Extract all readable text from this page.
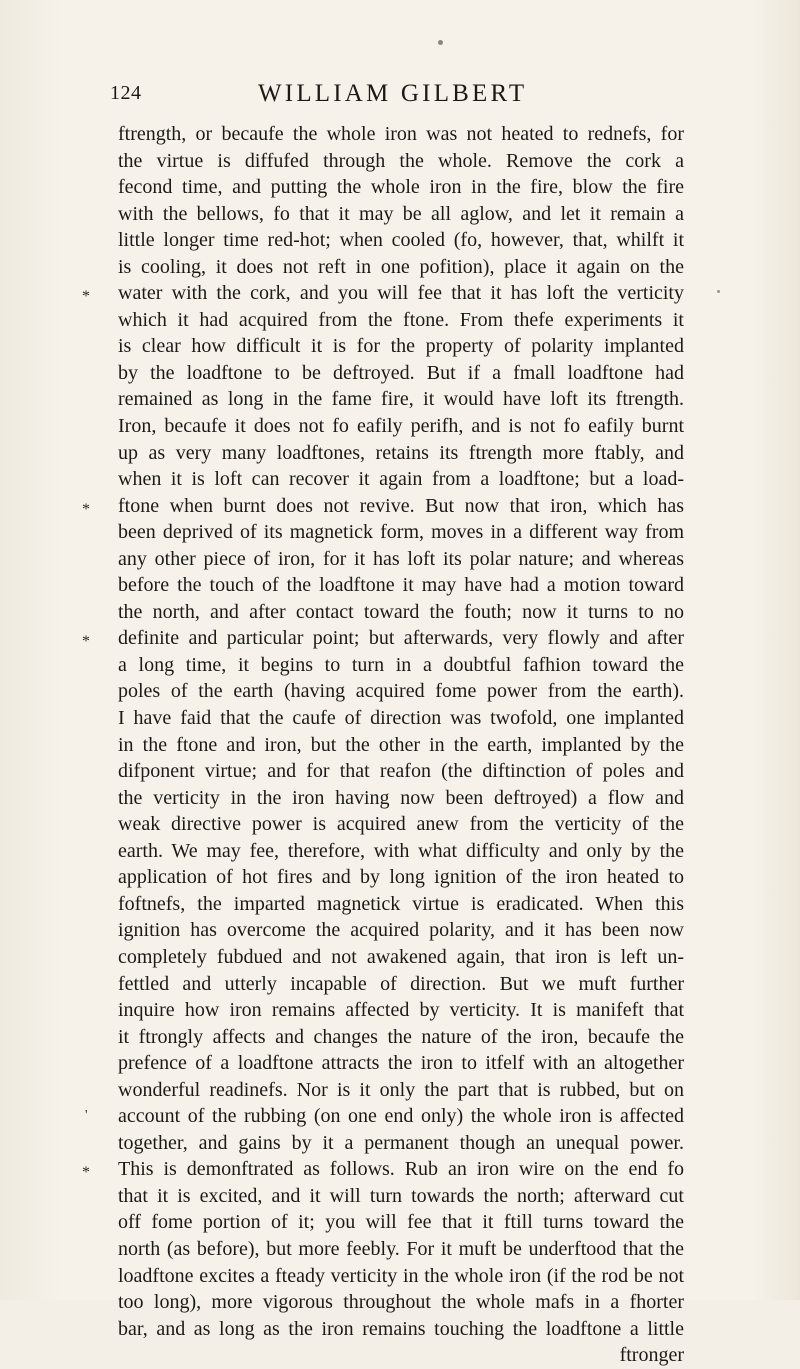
124	WILLIAM GILBERT
ftrength, or becaufe the whole iron was not heated to rednefs, for
the virtue is diffufed through the whole. Remove the cork a
fecond time, and putting the whole iron in the fire, blow the fire
with the bellows, fo that it may be all aglow, and let it remain a
little longer time red-hot; when cooled (fo, however, that, whilft it
is cooling, it does not reft in one pofition), place it again on the
* water with the cork, and you will fee that it has loft the verticity
which it had acquired from the ftone. From thefe experiments it
is clear how difficult it is for the property of polarity implanted
by the loadftone to be deftroyed. But if a fmall loadftone had
remained as long in the fame fire, it would have loft its ftrength.
Iron, becaufe it does not fo eafily perifh, and is not fo eafily burnt
up as very many loadftones, retains its ftrength more ftably, and
when it is loft can recover it again from a loadftone; but a load-
* ftone when burnt does not revive. But now that iron, which has
been deprived of its magnetick form, moves in a different way from
any other piece of iron, for it has loft its polar nature; and whereas
before the touch of the loadftone it may have had a motion toward
the north, and after contact toward the fouth; now it turns to no
* definite and particular point; but afterwards, very flowly and after
a long time, it begins to turn in a doubtful fafhion toward the
poles of the earth (having acquired fome power from the earth).
I have faid that the caufe of direction was twofold, one implanted
in the ftone and iron, but the other in the earth, implanted by the
difponent virtue; and for that reafon (the diftinction of poles and
the verticity in the iron having now been deftroyed) a flow and
weak directive power is acquired anew from the verticity of the
earth. We may fee, therefore, with what difficulty and only by the
application of hot fires and by long ignition of the iron heated to
foftnefs, the imparted magnetick virtue is eradicated. When this
ignition has overcome the acquired polarity, and it has been now
completely fubdued and not awakened again, that iron is left un-
fettled and utterly incapable of direction. But we muft further
inquire how iron remains affected by verticity. It is manifeft that
it ftrongly affects and changes the nature of the iron, becaufe the
prefence of a loadftone attracts the iron to itfelf with an altogether
wonderful readinefs. Nor is it only the part that is rubbed, but on
' account of the rubbing (on one end only) the whole iron is affected
together, and gains by it a permanent though an unequal power.
* This is demonftrated as follows. Rub an iron wire on the end fo
that it is excited, and it will turn towards the north; afterward cut
off fome portion of it; you will fee that it ftill turns toward the
north (as before), but more feebly. For it muft be underftood that the
loadftone excites a fteady verticity in the whole iron (if the rod be not
too long), more vigorous throughout the whole mafs in a fhorter
bar, and as long as the iron remains touching the loadftone a little
ftronger
